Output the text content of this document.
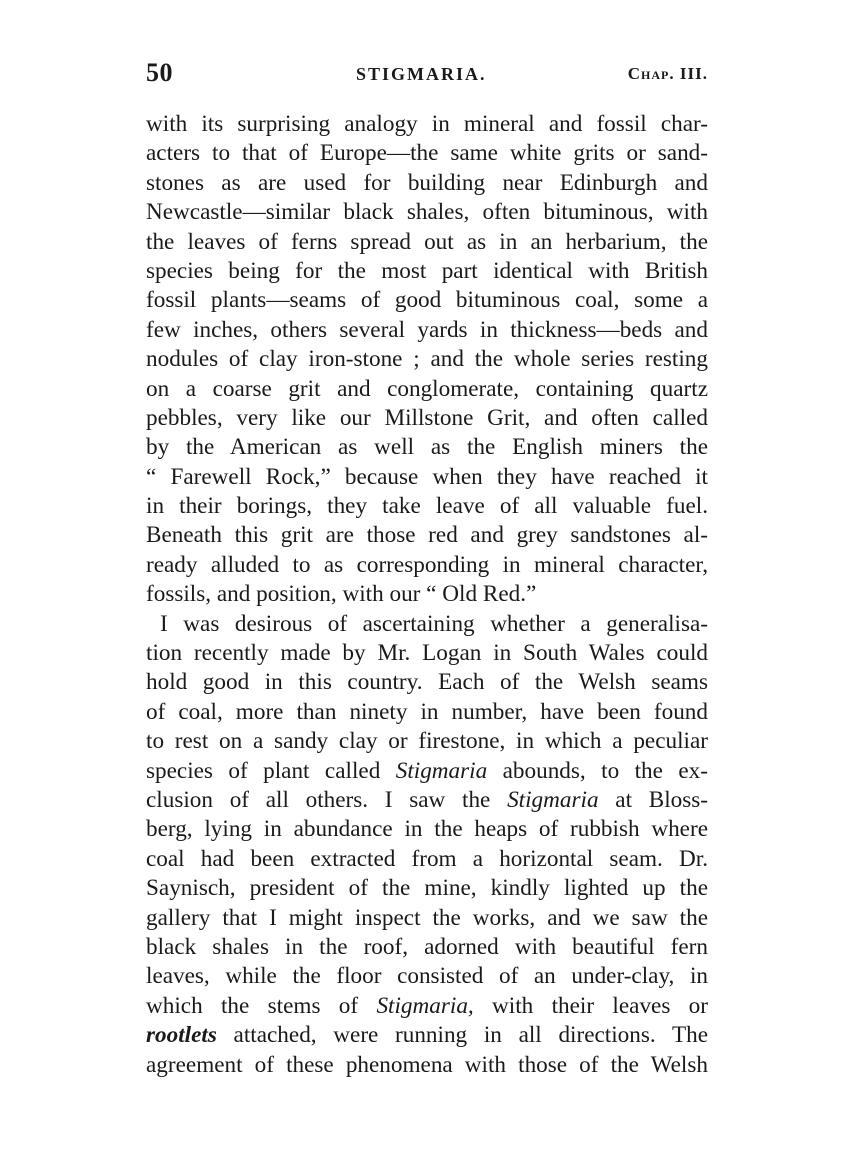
50	STIGMARIA.	Chap. III.
with its surprising analogy in mineral and fossil char-
acters to that of Europe—the same white grits or sand-
stones as are used for building near Edinburgh and
Newcastle—similar black shales, often bituminous, with
the leaves of ferns spread out as in an herbarium, the
species being for the most part identical with British
fossil plants—seams of good bituminous coal, some a
few inches, others several yards in thickness—beds and
nodules of clay iron-stone ; and the whole series resting
on a coarse grit and conglomerate, containing quartz
pebbles, very like our Millstone Grit, and often called
by the American as well as the English miners the
“ Farewell Rock,” because when they have reached it
in their borings, they take leave of all valuable fuel.
Beneath this grit are those red and grey sandstones al-
ready alluded to as corresponding in mineral character,
fossils, and position, with our “ Old Red.”
I was desirous of ascertaining whether a generalisa-
tion recently made by Mr. Logan in South Wales could
hold good in this country. Each of the Welsh seams
of coal, more than ninety in number, have been found
to rest on a sandy clay or firestone, in which a peculiar
species of plant called Stigmaria abounds, to the ex-
clusion of all others. I saw the Stigmaria at Bloss-
berg, lying in abundance in the heaps of rubbish where
coal had been extracted from a horizontal seam. Dr.
Saynisch, president of the mine, kindly lighted up the
gallery that I might inspect the works, and we saw the
black shales in the roof, adorned with beautiful fern
leaves, while the floor consisted of an under-clay, in
which the stems of Stigmaria, with their leaves or
rootlets attached, were running in all directions. The
agreement of these phenomena with those of the Welsh
